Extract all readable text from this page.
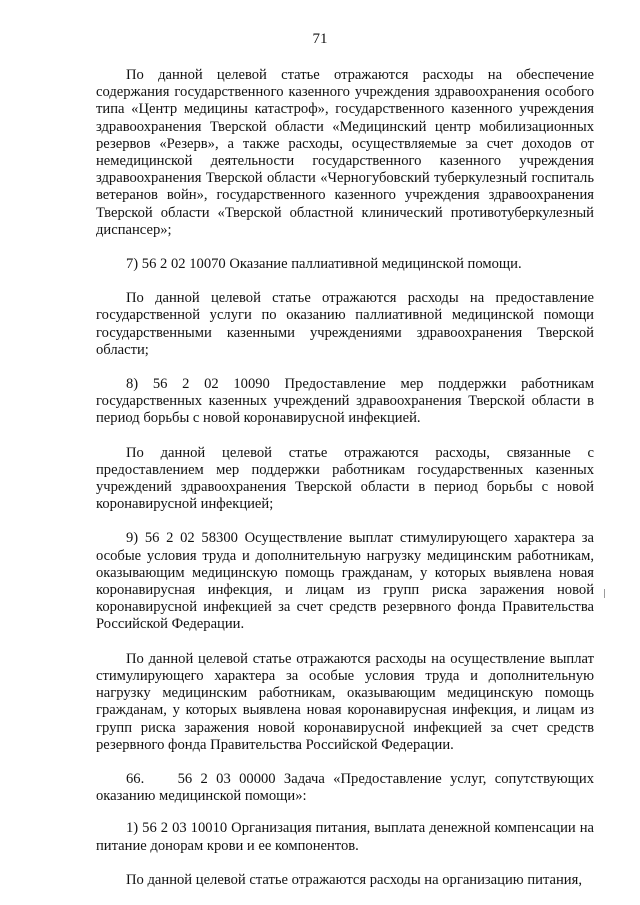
71

По данной целевой статье отражаются расходы на обеспечение содержания государственного казенного учреждения здравоохранения особого типа «Центр медицины катастроф», государственного казенного учреждения здравоохранения Тверской области «Медицинский центр мобилизационных резервов «Резерв», а также расходы, осуществляемые за счет доходов от немедицинской деятельности государственного казенного учреждения здравоохранения Тверской области «Черногубовский туберкулезный госпиталь ветеранов войн», государственного казенного учреждения здравоохранения Тверской области «Тверской областной клинический противотуберкулезный диспансер»;

7) 56 2 02 10070 Оказание паллиативной медицинской помощи.

По данной целевой статье отражаются расходы на предоставление государственной услуги по оказанию паллиативной медицинской помощи государственными казенными учреждениями здравоохранения Тверской области;

8) 56 2 02 10090 Предоставление мер поддержки работникам государственных казенных учреждений здравоохранения Тверской области в период борьбы с новой коронавирусной инфекцией.

По данной целевой статье отражаются расходы, связанные с предоставлением мер поддержки работникам государственных казенных учреждений здравоохранения Тверской области в период борьбы с новой коронавирусной инфекцией;

9) 56 2 02 58300 Осуществление выплат стимулирующего характера за особые условия труда и дополнительную нагрузку медицинским работникам, оказывающим медицинскую помощь гражданам, у которых выявлена новая коронавирусная инфекция, и лицам из групп риска заражения новой коронавирусной инфекцией за счет средств резервного фонда Правительства Российской Федерации.

По данной целевой статье отражаются расходы на осуществление выплат стимулирующего характера за особые условия труда и дополнительную нагрузку медицинским работникам, оказывающим медицинскую помощь гражданам, у которых выявлена новая коронавирусная инфекция, и лицам из групп риска заражения новой коронавирусной инфекцией за счет средств резервного фонда Правительства Российской Федерации.

66.    56 2 03 00000 Задача «Предоставление услуг, сопутствующих оказанию медицинской помощи»:

1) 56 2 03 10010 Организация питания, выплата денежной компенсации на питание донорам крови и ее компонентов.

По данной целевой статье отражаются расходы на организацию питания,
